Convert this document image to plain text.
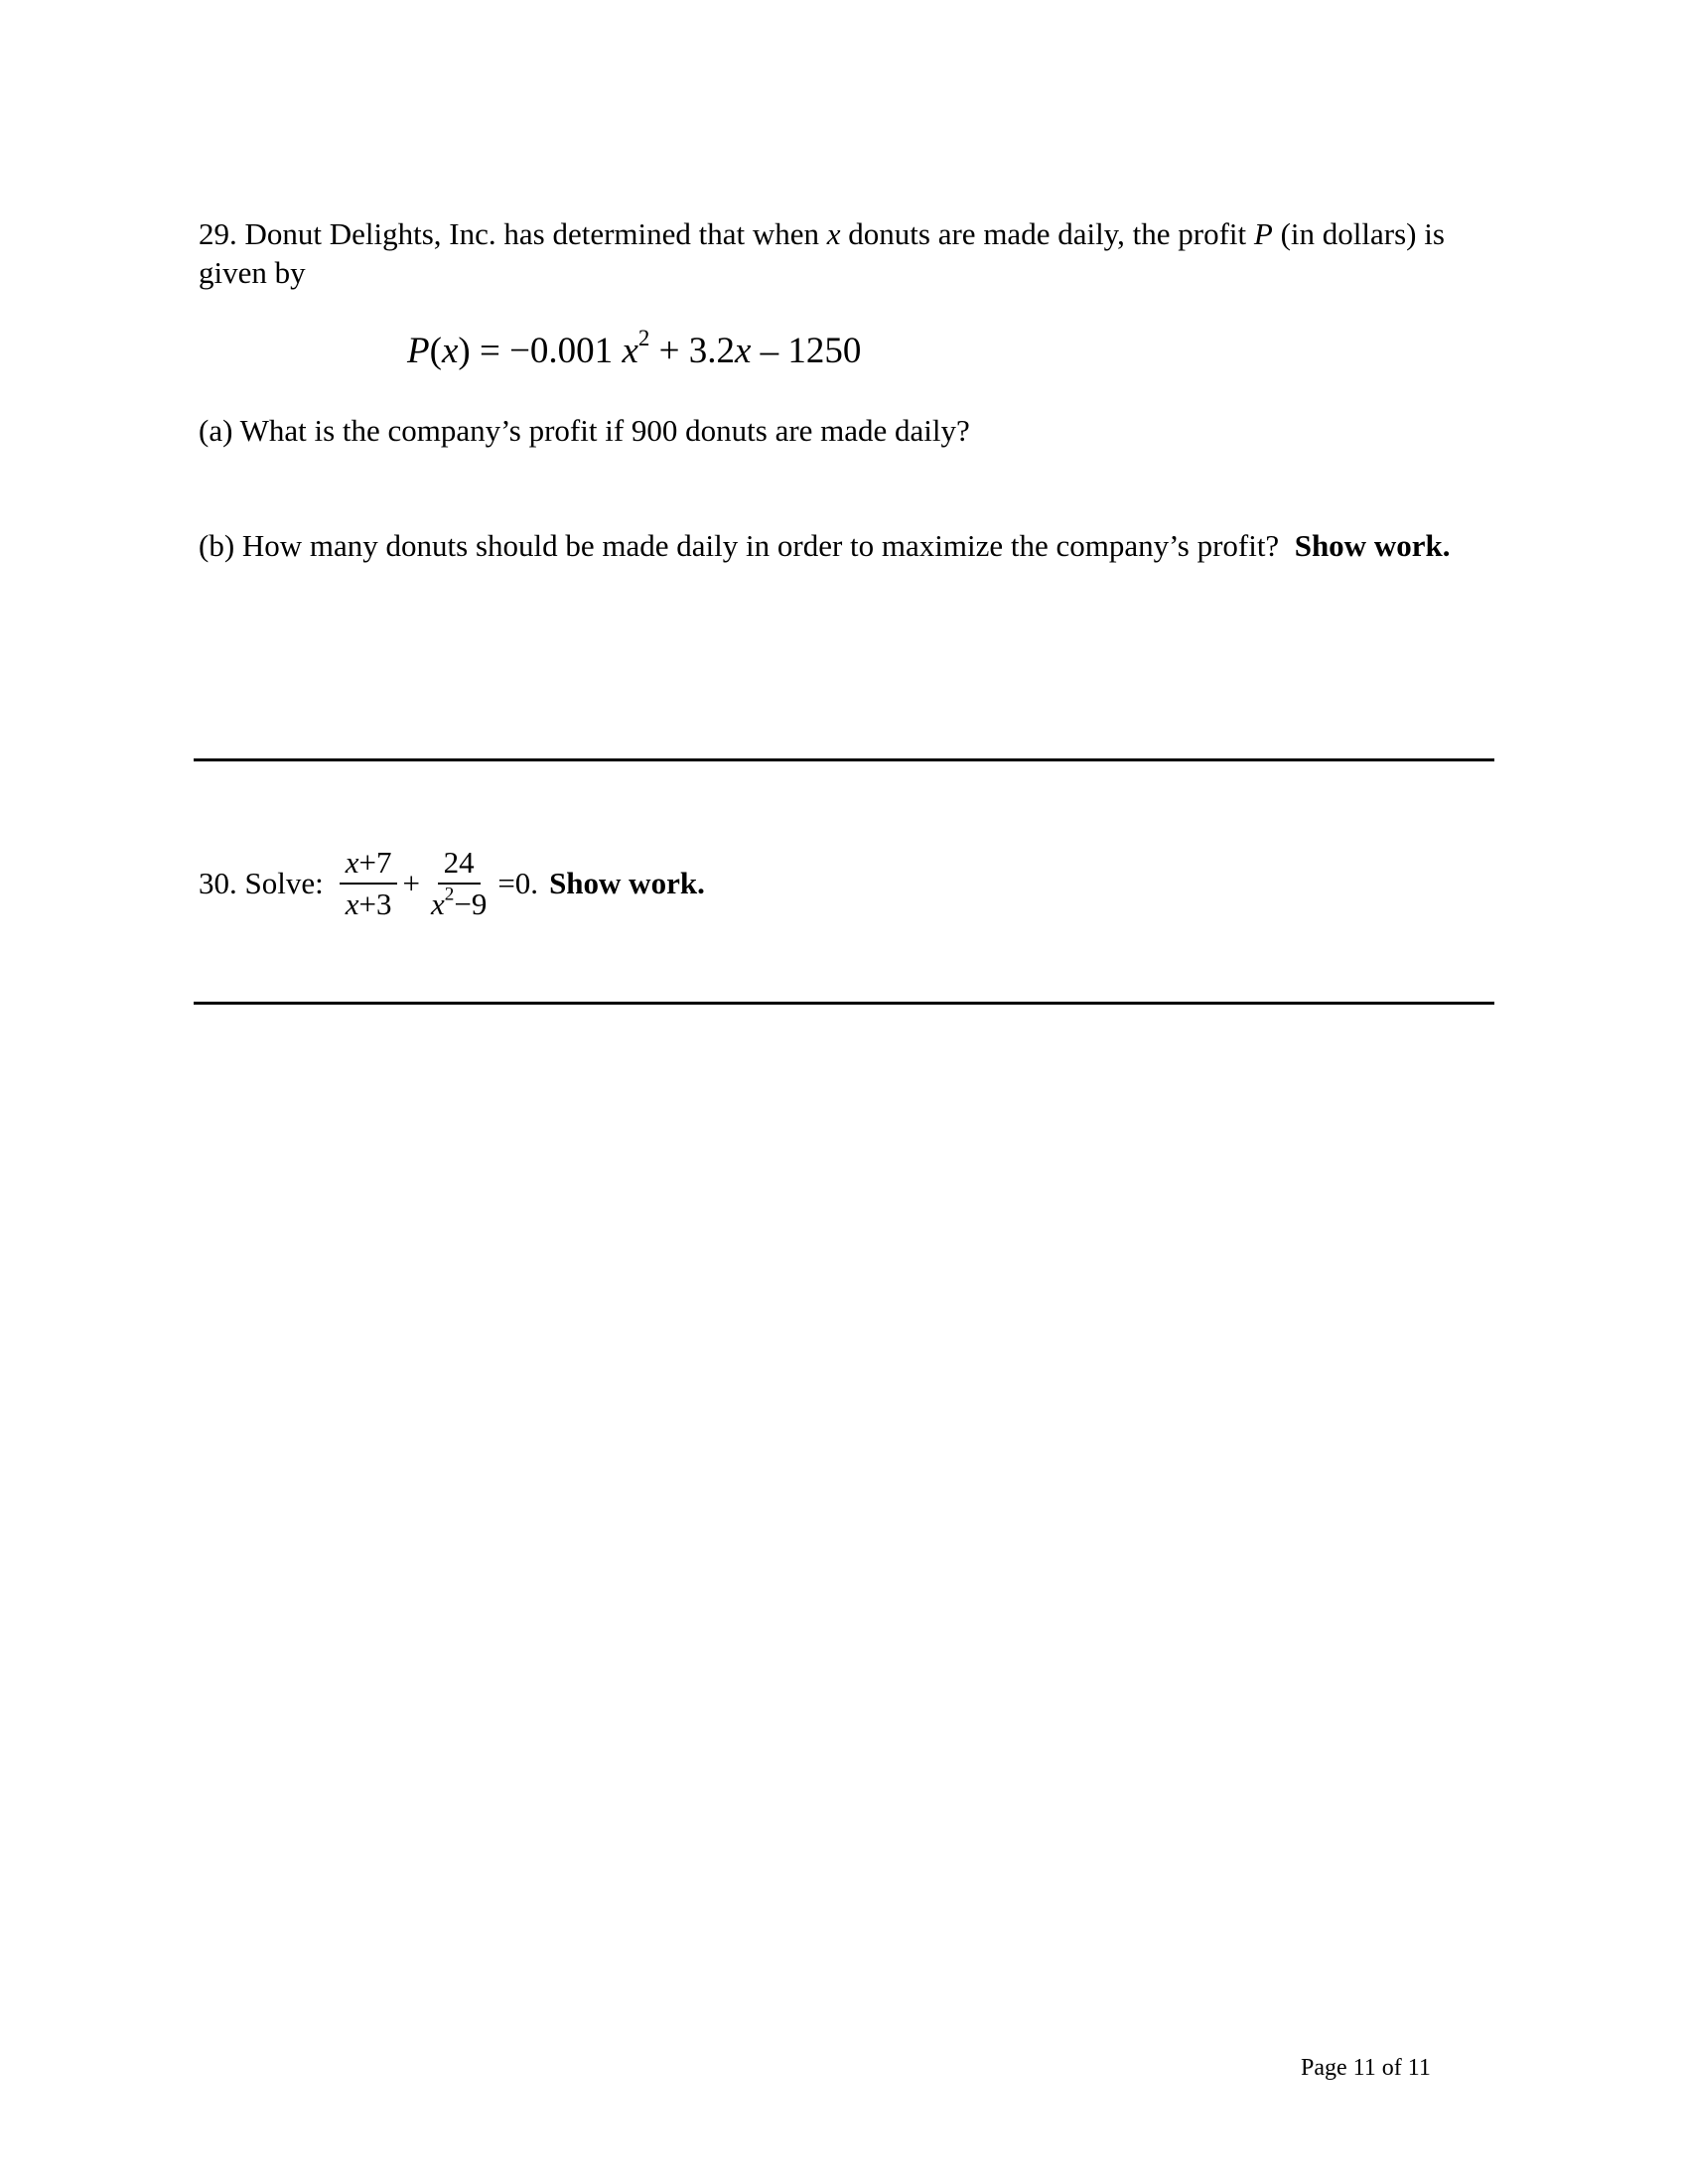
29. Donut Delights, Inc. has determined that when x donuts are made daily, the profit P (in dollars) is given by

P(x) = −0.001 $x^2 + 3.2x - 1250$

(a) What is the company’s profit if 900 donuts are made daily?

(b) How many donuts should be made daily in order to maximize the company’s profit? Show work.

30. Solve: $\frac{x+7}{x+3} + \frac{24}{x^2-9} =0$. Show work.
Page 11 of 11
